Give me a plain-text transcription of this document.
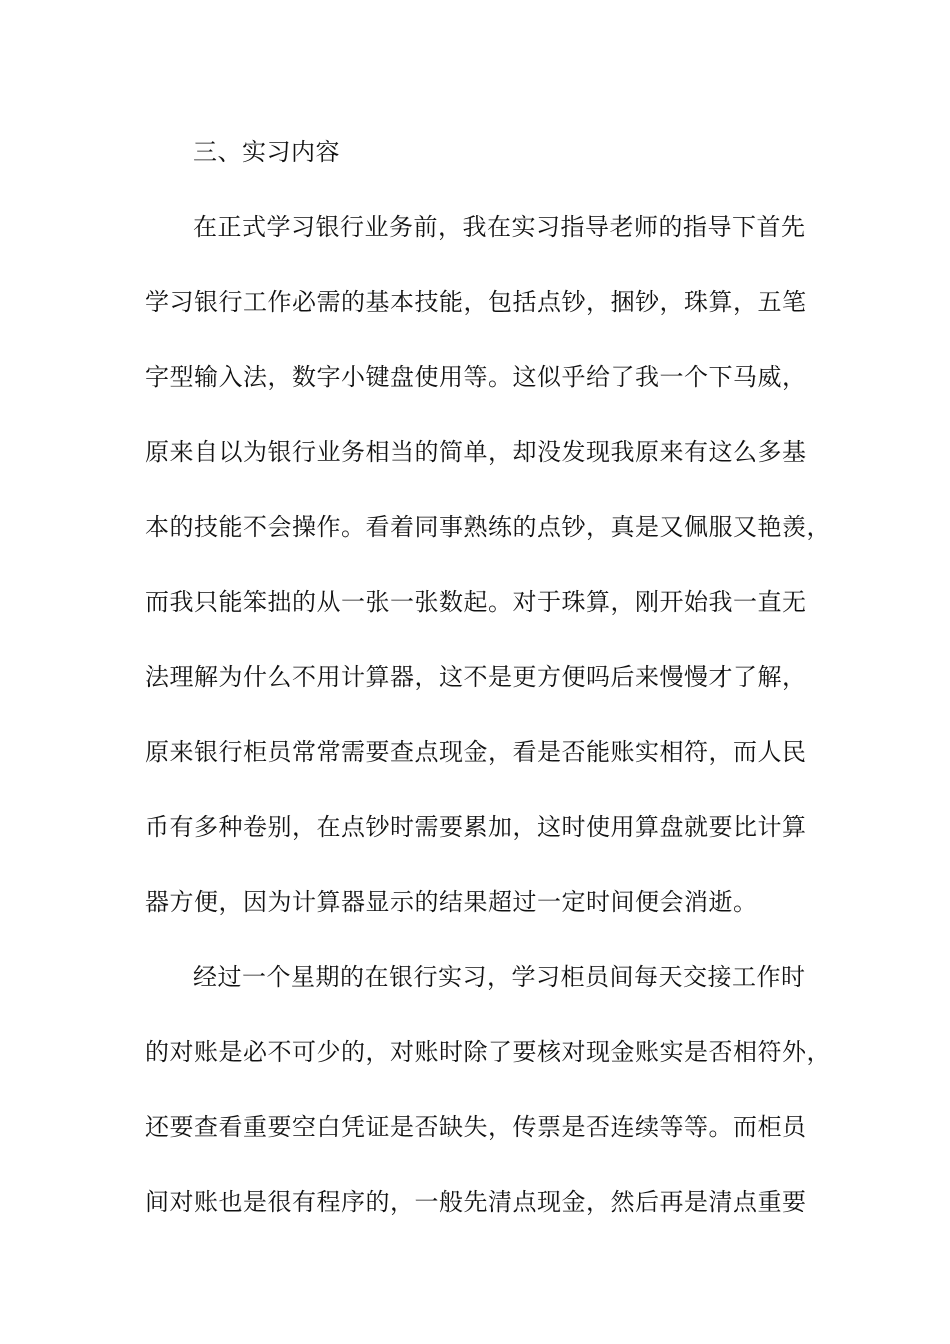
三、实习内容
在正式学习银行业务前，我在实习指导老师的指导下首先
学习银行工作必需的基本技能，包括点钞，捆钞，珠算，五笔
字型输入法，数字小键盘使用等。这似乎给了我一个下马威，
原来自以为银行业务相当的简单，却没发现我原来有这么多基
本的技能不会操作。看着同事熟练的点钞，真是又佩服又艳羡，
而我只能笨拙的从一张一张数起。对于珠算，刚开始我一直无
法理解为什么不用计算器，这不是更方便吗后来慢慢才了解，
原来银行柜员常常需要查点现金，看是否能账实相符，而人民
币有多种卷别，在点钞时需要累加，这时使用算盘就要比计算
器方便，因为计算器显示的结果超过一定时间便会消逝。
经过一个星期的在银行实习，学习柜员间每天交接工作时
的对账是必不可少的，对账时除了要核对现金账实是否相符外，
还要查看重要空白凭证是否缺失，传票是否连续等等。而柜员
间对账也是很有程序的，一般先清点现金，然后再是清点重要
